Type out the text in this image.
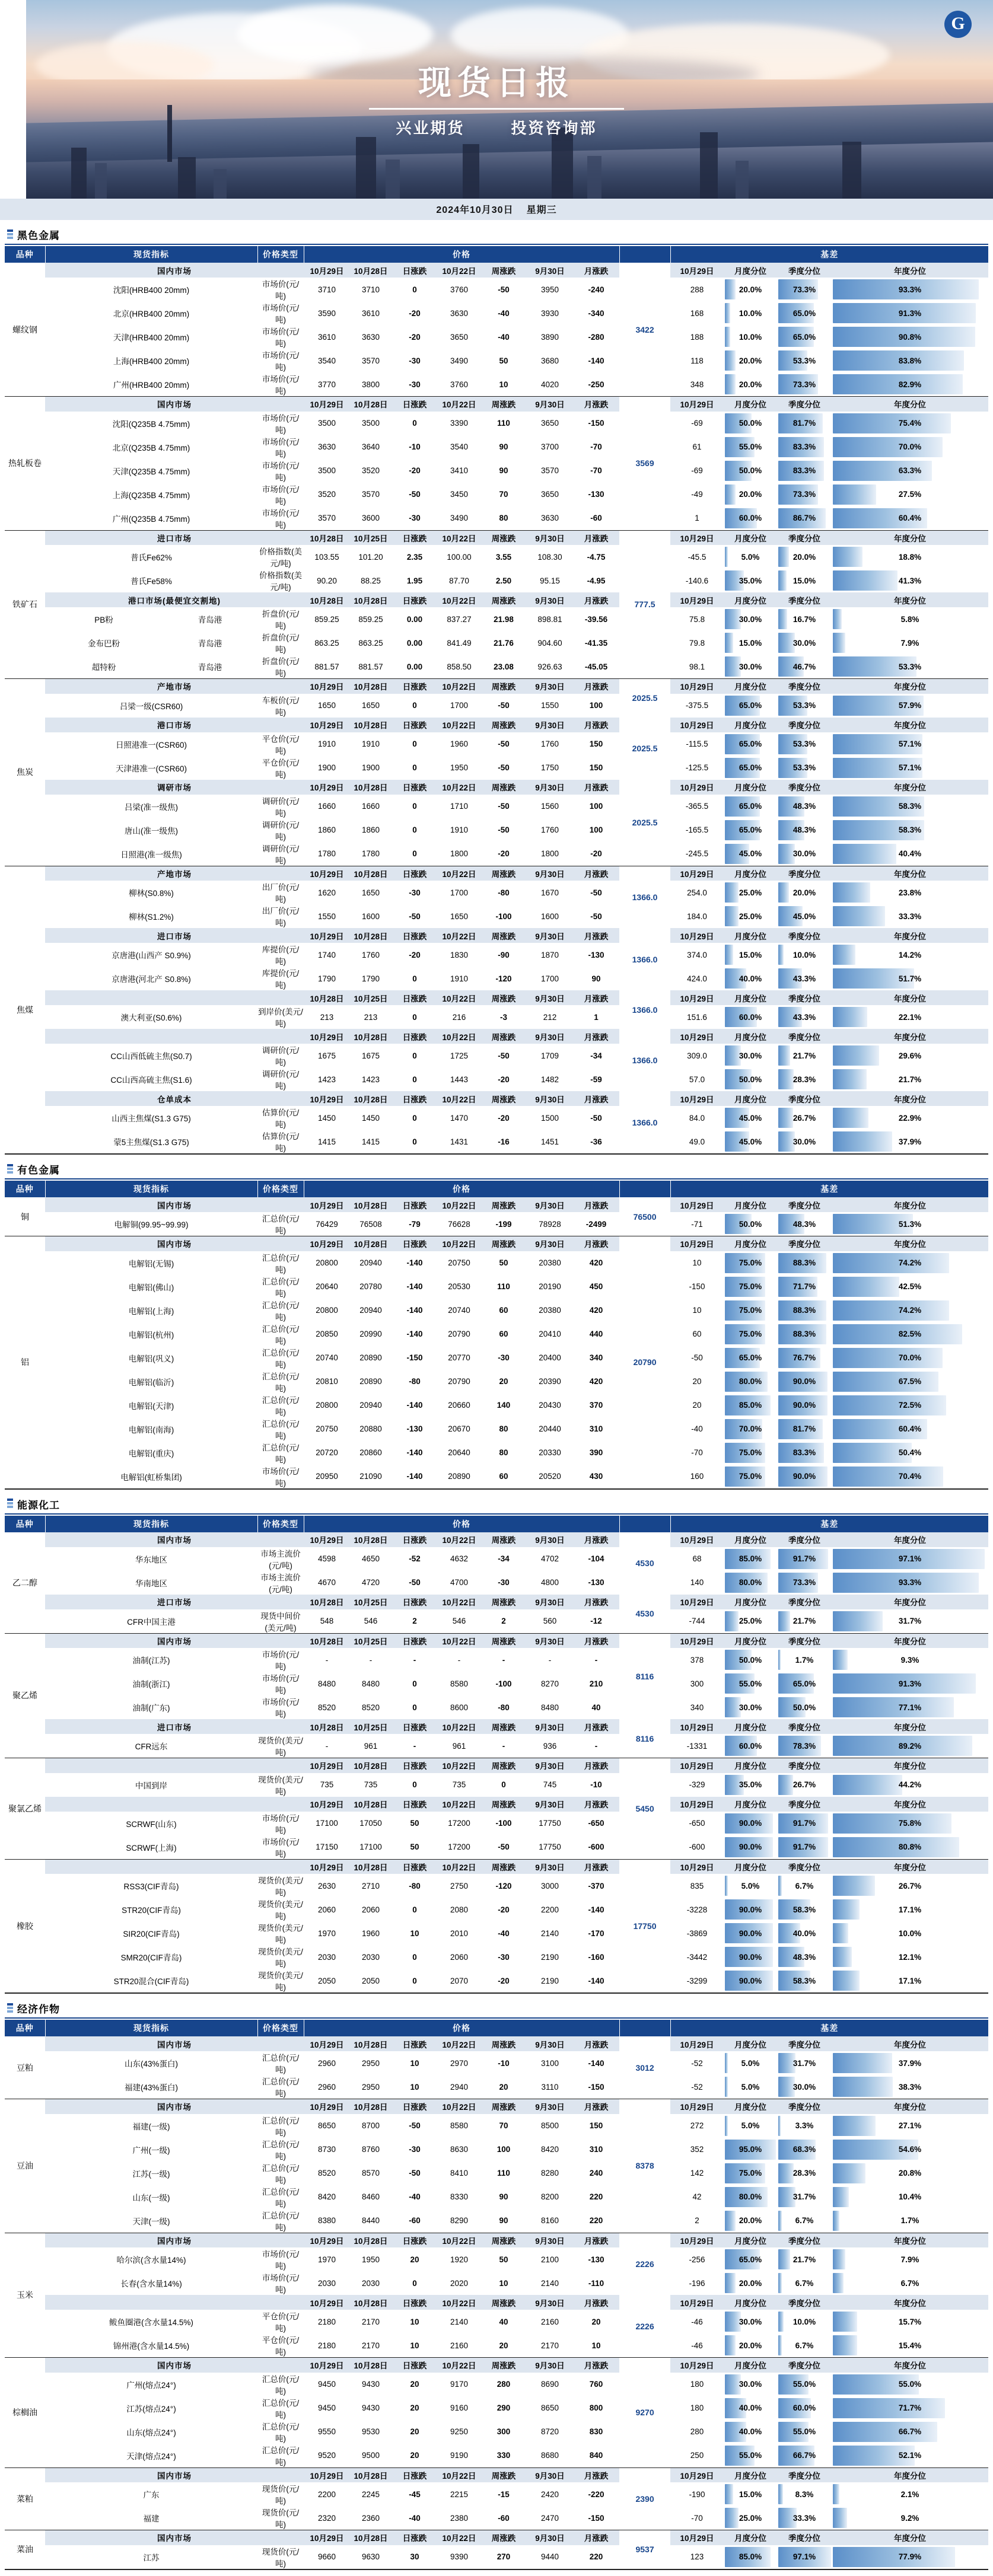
G
现货日报
兴业期货	投资咨询部
2024年10月30日 星期三
黑色金属
品种	现货指标		价格类型	价格								基差			
螺纹钢	国内市场			10月29日	10月28日	日涨跌	10月22日	周涨跌	9月30日	月涨跌	3422	10月29日	月度分位	季度分位	年度分位
	沈阳(HRB400 20mm)		市场价(元/吨)	3710	3710	0	3760	-50	3950	-240		288	20.0%	73.3%	93.3%
	北京(HRB400 20mm)		市场价(元/吨)	3590	3610	-20	3630	-40	3930	-340		168	10.0%	65.0%	91.3%
	天津(HRB400 20mm)		市场价(元/吨)	3610	3630	-20	3650	-40	3890	-280		188	10.0%	65.0%	90.8%
	上海(HRB400 20mm)		市场价(元/吨)	3540	3570	-30	3490	50	3680	-140		118	20.0%	53.3%	83.8%
	广州(HRB400 20mm)		市场价(元/吨)	3770	3800	-30	3760	10	4020	-250		348	20.0%	73.3%	82.9%
热轧板卷	国内市场			10月29日	10月28日	日涨跌	10月22日	周涨跌	9月30日	月涨跌	3569	10月29日	月度分位	季度分位	年度分位
	沈阳(Q235B 4.75mm)		市场价(元/吨)	3500	3500	0	3390	110	3650	-150		-69	50.0%	81.7%	75.4%
	北京(Q235B 4.75mm)		市场价(元/吨)	3630	3640	-10	3540	90	3700	-70		61	55.0%	83.3%	70.0%
	天津(Q235B 4.75mm)		市场价(元/吨)	3500	3520	-20	3410	90	3570	-70		-69	50.0%	83.3%	63.3%
	上海(Q235B 4.75mm)		市场价(元/吨)	3520	3570	-50	3450	70	3650	-130		-49	20.0%	73.3%	27.5%
	广州(Q235B 4.75mm)		市场价(元/吨)	3570	3600	-30	3490	80	3630	-60		1	60.0%	86.7%	60.4%
铁矿石	进口市场			10月28日	10月25日	日涨跌	10月22日	周涨跌	9月30日	月涨跌	777.5	10月29日	月度分位	季度分位	年度分位
	普氏Fe62%		价格指数(美元/吨)	103.55	101.20	2.35	100.00	3.55	108.30	-4.75		-45.5	5.0%	20.0%	18.8%
	普氏Fe58%		价格指数(美元/吨)	90.20	88.25	1.95	87.70	2.50	95.15	-4.95		-140.6	35.0%	15.0%	41.3%
	港口市场(最便宜交割地)			10月28日	10月28日	日涨跌	10月22日	周涨跌	9月30日	月涨跌		10月29日	月度分位	季度分位	年度分位
	PB粉	青岛港	折盘价(元/吨)	859.25	859.25	0.00	837.27	21.98	898.81	-39.56		75.8	30.0%	16.7%	5.8%
	金布巴粉	青岛港	折盘价(元/吨)	863.25	863.25	0.00	841.49	21.76	904.60	-41.35		79.8	15.0%	30.0%	7.9%
	超特粉	青岛港	折盘价(元/吨)	881.57	881.57	0.00	858.50	23.08	926.63	-45.05		98.1	30.0%	46.7%	53.3%
焦炭	产地市场			10月29日	10月28日	日涨跌	10月22日	周涨跌	9月30日	月涨跌	2025.5	10月29日	月度分位	季度分位	年度分位
	吕梁一级(CSR60)		车板价(元/吨)	1650	1650	0	1700	-50	1550	100		-375.5	65.0%	53.3%	57.9%
	港口市场			10月29日	10月28日	日涨跌	10月22日	周涨跌	9月30日	月涨跌	2025.5	10月29日	月度分位	季度分位	年度分位
	日照港准一(CSR60)		平仓价(元/吨)	1910	1910	0	1960	-50	1760	150		-115.5	65.0%	53.3%	57.1%
	天津港准一(CSR60)		平仓价(元/吨)	1900	1900	0	1950	-50	1750	150		-125.5	65.0%	53.3%	57.1%
	调研市场			10月29日	10月28日	日涨跌	10月22日	周涨跌	9月30日	月涨跌	2025.5	10月29日	月度分位	季度分位	年度分位
	吕梁(准一级焦)		调研价(元/吨)	1660	1660	0	1710	-50	1560	100		-365.5	65.0%	48.3%	58.3%
	唐山(准一级焦)		调研价(元/吨)	1860	1860	0	1910	-50	1760	100		-165.5	65.0%	48.3%	58.3%
	日照港(准一级焦)		调研价(元/吨)	1780	1780	0	1800	-20	1800	-20		-245.5	45.0%	30.0%	40.4%
焦煤	产地市场			10月29日	10月28日	日涨跌	10月22日	周涨跌	9月30日	月涨跌	1366.0	10月29日	月度分位	季度分位	年度分位
	柳林(S0.8%)		出厂价(元/吨)	1620	1650	-30	1700	-80	1670	-50		254.0	25.0%	20.0%	23.8%
	柳林(S1.2%)		出厂价(元/吨)	1550	1600	-50	1650	-100	1600	-50		184.0	25.0%	45.0%	33.3%
	进口市场			10月29日	10月28日	日涨跌	10月22日	周涨跌	9月30日	月涨跌	1366.0	10月29日	月度分位	季度分位	年度分位
	京唐港(山西产 S0.9%)		库提价(元/吨)	1740	1760	-20	1830	-90	1870	-130		374.0	15.0%	10.0%	14.2%
	京唐港(河北产 S0.8%)		库提价(元/吨)	1790	1790	0	1910	-120	1700	90		424.0	40.0%	43.3%	51.7%
				10月28日	10月25日	日涨跌	10月22日	周涨跌	9月30日	月涨跌	1366.0	10月29日	月度分位	季度分位	年度分位
	澳大利亚(S0.6%)		到岸价(美元/吨)	213	213	0	216	-3	212	1		151.6	60.0%	43.3%	22.1%
				10月29日	10月28日	日涨跌	10月22日	周涨跌	9月30日	月涨跌	1366.0	10月29日	月度分位	季度分位	年度分位
	CC山西低硫主焦(S0.7)		调研价(元/吨)	1675	1675	0	1725	-50	1709	-34		309.0	30.0%	21.7%	29.6%
	CC山西高硫主焦(S1.6)		调研价(元/吨)	1423	1423	0	1443	-20	1482	-59		57.0	50.0%	28.3%	21.7%
	仓单成本			10月29日	10月28日	日涨跌	10月22日	周涨跌	9月30日	月涨跌	1366.0	10月29日	月度分位	季度分位	年度分位
	山西主焦煤(S1.3 G75)		估算价(元/吨)	1450	1450	0	1470	-20	1500	-50		84.0	45.0%	26.7%	22.9%
	蒙5主焦煤(S1.3 G75)		估算价(元/吨)	1415	1415	0	1431	-16	1451	-36		49.0	45.0%	30.0%	37.9%
有色金属
品种	现货指标	价格类型	价格								基差			
铜	国内市场		10月29日	10月28日	日涨跌	10月22日	周涨跌	9月30日	月涨跌	76500	10月29日	月度分位	季度分位	年度分位
	电解铜(99.95~99.99)	汇总价(元/吨)	76429	76508	-79	76628	-199	78928	-2499		-71	50.0%	48.3%	51.3%
铝	国内市场		10月29日	10月28日	日涨跌	10月22日	周涨跌	9月30日	月涨跌	20790	10月29日	月度分位	季度分位	年度分位
	电解铝(无锡)	汇总价(元/吨)	20800	20940	-140	20750	50	20380	420		10	75.0%	88.3%	74.2%
	电解铝(佛山)	汇总价(元/吨)	20640	20780	-140	20530	110	20190	450		-150	75.0%	71.7%	42.5%
	电解铝(上海)	汇总价(元/吨)	20800	20940	-140	20740	60	20380	420		10	75.0%	88.3%	74.2%
	电解铝(杭州)	汇总价(元/吨)	20850	20990	-140	20790	60	20410	440		60	75.0%	88.3%	82.5%
	电解铝(巩义)	汇总价(元/吨)	20740	20890	-150	20770	-30	20400	340		-50	65.0%	76.7%	70.0%
	电解铝(临沂)	汇总价(元/吨)	20810	20890	-80	20790	20	20390	420		20	80.0%	90.0%	67.5%
	电解铝(天津)	汇总价(元/吨)	20800	20940	-140	20660	140	20430	370		20	85.0%	90.0%	72.5%
	电解铝(南海)	汇总价(元/吨)	20750	20880	-130	20670	80	20440	310		-40	70.0%	81.7%	60.4%
	电解铝(重庆)	汇总价(元/吨)	20720	20860	-140	20640	80	20330	390		-70	75.0%	83.3%	50.4%
	电解铝(虹桥集团)	市场价(元/吨)	20950	21090	-140	20890	60	20520	430		160	75.0%	90.0%	70.4%
能源化工
品种	现货指标	价格类型	价格								基差			
乙二醇	国内市场		10月29日	10月28日	日涨跌	10月22日	周涨跌	9月30日	月涨跌	4530	10月29日	月度分位	季度分位	年度分位
	华东地区	市场主流价(元/吨)	4598	4650	-52	4632	-34	4702	-104		68	85.0%	91.7%	97.1%
	华南地区	市场主流价(元/吨)	4670	4720	-50	4700	-30	4800	-130		140	80.0%	73.3%	93.3%
	进口市场		10月28日	10月25日	日涨跌	10月22日	周涨跌	9月30日	月涨跌	4530	10月29日	月度分位	季度分位	年度分位
	CFR中国主港	现货中间价(美元/吨)	548	546	2	546	2	560	-12		-744	25.0%	21.7%	31.7%
聚乙烯	国内市场		10月28日	10月25日	日涨跌	10月22日	周涨跌	9月30日	月涨跌	8116	10月29日	月度分位	季度分位	年度分位
	油制(江苏)	市场价(元/吨)	-	-	-	-	-	-	-		378	50.0%	1.7%	9.3%
	油制(浙江)	市场价(元/吨)	8480	8480	0	8580	-100	8270	210		300	55.0%	65.0%	91.3%
	油制(广东)	市场价(元/吨)	8520	8520	0	8600	-80	8480	40		340	30.0%	50.0%	77.1%
	进口市场		10月28日	10月25日	日涨跌	10月22日	周涨跌	9月30日	月涨跌	8116	10月29日	月度分位	季度分位	年度分位
	CFR远东	现货价(美元/吨)	-	961	-	961	-	936	-		-1331	60.0%	78.3%	89.2%
聚氯乙烯			10月29日	10月28日	日涨跌	10月22日	周涨跌	9月30日	月涨跌	5450	10月29日	月度分位	季度分位	年度分位
	中国到岸	现货价(美元/吨)	735	735	0	735	0	745	-10		-329	35.0%	26.7%	44.2%
			10月29日	10月28日	日涨跌	10月22日	周涨跌	9月30日	月涨跌		10月29日	月度分位	季度分位	年度分位
	SCRWF(山东)	市场价(元/吨)	17100	17050	50	17200	-100	17750	-650		-650	90.0%	91.7%	75.8%
	SCRWF(上海)	市场价(元/吨)	17150	17100	50	17200	-50	17750	-600		-600	90.0%	91.7%	80.8%
橡胶			10月29日	10月28日	日涨跌	10月22日	周涨跌	9月30日	月涨跌	17750	10月29日	月度分位	季度分位	年度分位
	RSS3(CIF青岛)	现货价(美元/吨)	2630	2710	-80	2750	-120	3000	-370		835	5.0%	6.7%	26.7%
	STR20(CIF青岛)	现货价(美元/吨)	2060	2060	0	2080	-20	2200	-140		-3228	90.0%	58.3%	17.1%
	SIR20(CIF青岛)	现货价(美元/吨)	1970	1960	10	2010	-40	2140	-170		-3869	90.0%	40.0%	10.0%
	SMR20(CIF青岛)	现货价(美元/吨)	2030	2030	0	2060	-30	2190	-160		-3442	90.0%	48.3%	12.1%
	STR20混合(CIF青岛)	现货价(美元/吨)	2050	2050	0	2070	-20	2190	-140		-3299	90.0%	58.3%	17.1%
经济作物
品种	现货指标	价格类型	价格								基差			
豆粕	国内市场		10月29日	10月28日	日涨跌	10月22日	周涨跌	9月30日	月涨跌	3012	10月29日	月度分位	季度分位	年度分位
	山东(43%蛋白)	汇总价(元/吨)	2960	2950	10	2970	-10	3100	-140		-52	5.0%	31.7%	37.9%
	福建(43%蛋白)	汇总价(元/吨)	2960	2950	10	2940	20	3110	-150		-52	5.0%	30.0%	38.3%
豆油	国内市场		10月29日	10月28日	日涨跌	10月22日	周涨跌	9月30日	月涨跌	8378	10月29日	月度分位	季度分位	年度分位
	福建(一级)	汇总价(元/吨)	8650	8700	-50	8580	70	8500	150		272	5.0%	3.3%	27.1%
	广州(一级)	汇总价(元/吨)	8730	8760	-30	8630	100	8420	310		352	95.0%	68.3%	54.6%
	江苏(一级)	汇总价(元/吨)	8520	8570	-50	8410	110	8280	240		142	75.0%	28.3%	20.8%
	山东(一级)	汇总价(元/吨)	8420	8460	-40	8330	90	8200	220		42	80.0%	31.7%	10.4%
	天津(一级)	汇总价(元/吨)	8380	8440	-60	8290	90	8160	220		2	20.0%	6.7%	1.7%
玉米	国内市场		10月29日	10月28日	日涨跌	10月22日	周涨跌	9月30日	月涨跌	2226	10月29日	月度分位	季度分位	年度分位
	哈尔滨(含水量14%)	市场价(元/吨)	1970	1950	20	1920	50	2100	-130		-256	65.0%	21.7%	7.9%
	长春(含水量14%)	市场价(元/吨)	2030	2030	0	2020	10	2140	-110		-196	20.0%	6.7%	6.7%
			10月29日	10月28日	日涨跌	10月22日	周涨跌	9月30日	月涨跌	2226	10月29日	月度分位	季度分位	年度分位
	鲅鱼圈港(含水量14.5%)	平仓价(元/吨)	2180	2170	10	2140	40	2160	20		-46	30.0%	10.0%	15.7%
	锦州港(含水量14.5%)	平仓价(元/吨)	2180	2170	10	2160	20	2170	10		-46	20.0%	6.7%	15.4%
棕榈油	国内市场		10月29日	10月28日	日涨跌	10月22日	周涨跌	9月30日	月涨跌	9270	10月29日	月度分位	季度分位	年度分位
	广州(熔点24°)	汇总价(元/吨)	9450	9430	20	9170	280	8690	760		180	30.0%	55.0%	55.0%
	江苏(熔点24°)	汇总价(元/吨)	9450	9430	20	9160	290	8650	800		180	40.0%	60.0%	71.7%
	山东(熔点24°)	汇总价(元/吨)	9550	9530	20	9250	300	8720	830		280	40.0%	55.0%	66.7%
	天津(熔点24°)	汇总价(元/吨)	9520	9500	20	9190	330	8680	840		250	55.0%	66.7%	52.1%
菜粕	国内市场		10月29日	10月28日	日涨跌	10月22日	周涨跌	9月30日	月涨跌	2390	10月29日	月度分位	季度分位	年度分位
	广东	现货价(元/吨)	2200	2245	-45	2215	-15	2420	-220		-190	15.0%	8.3%	2.1%
	福建	现货价(元/吨)	2320	2360	-40	2380	-60	2470	-150		-70	25.0%	33.3%	9.2%
菜油	国内市场		10月29日	10月28日	日涨跌	10月22日	周涨跌	9月30日	月涨跌	9537	10月29日	月度分位	季度分位	年度分位
	江苏	现货价(元/吨)	9660	9630	30	9390	270	9440	220		123	85.0%	97.1%	77.9%
